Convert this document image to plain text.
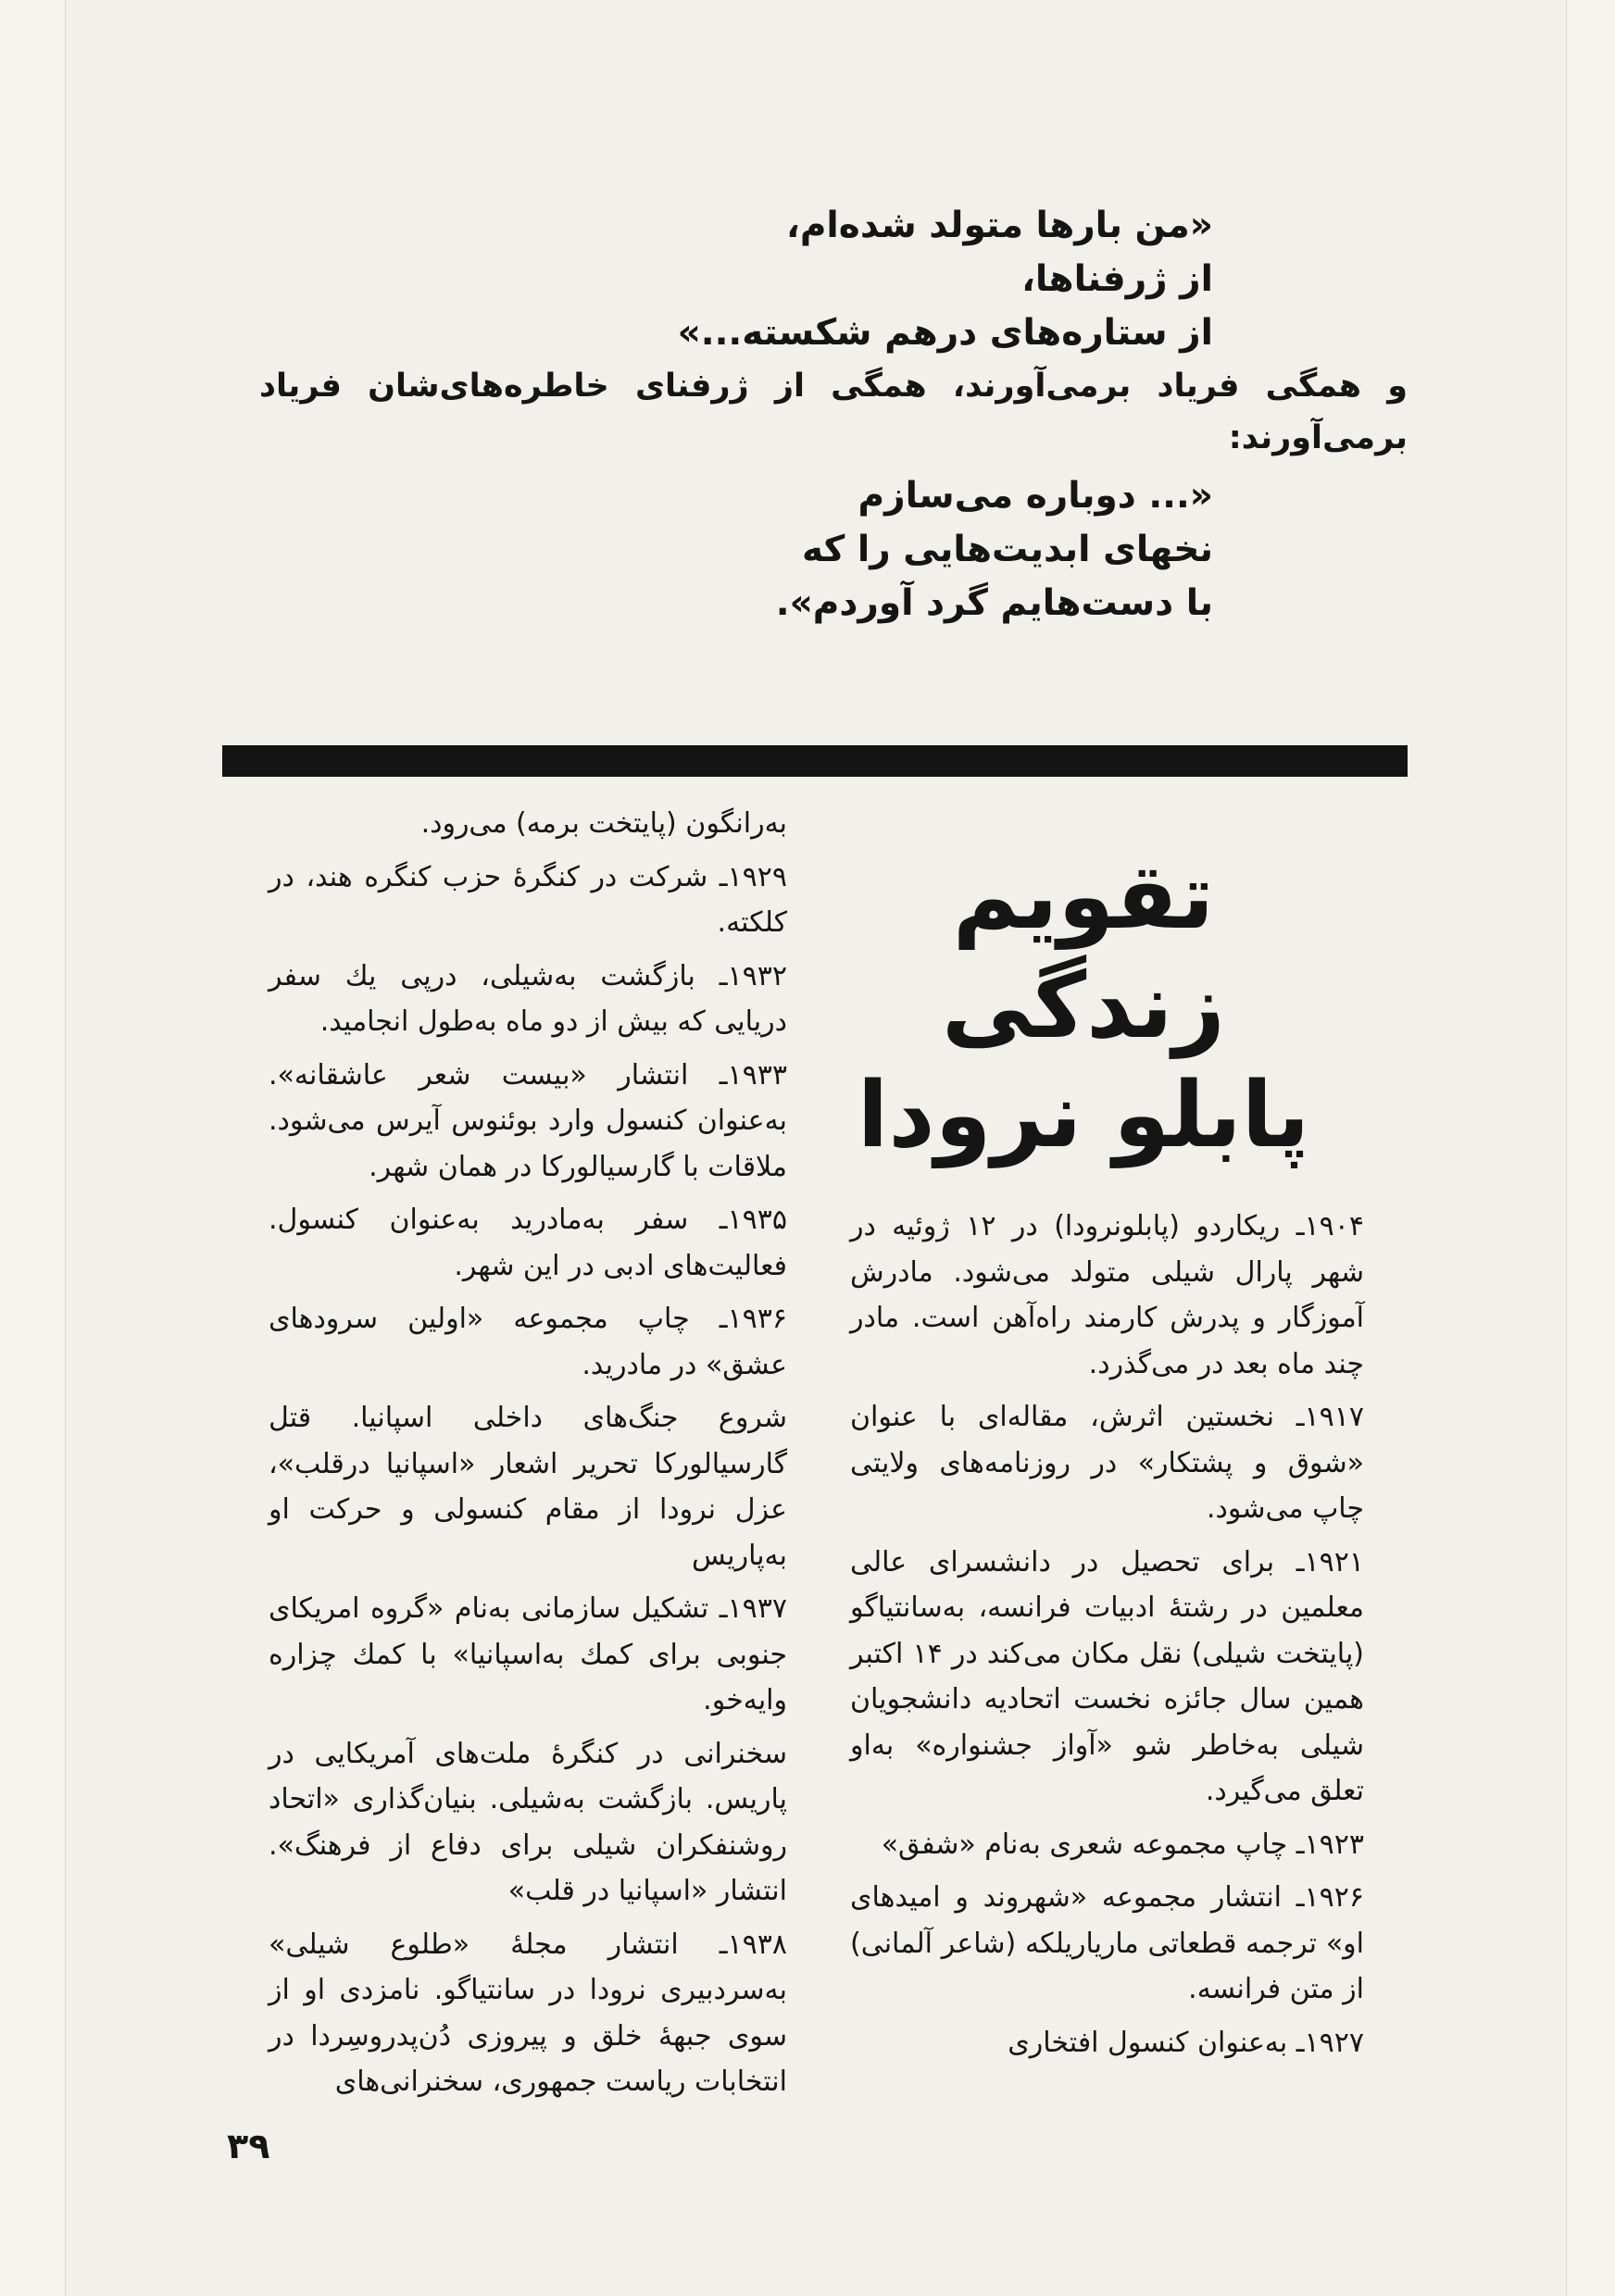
«من بارها متولد شده‌ام،
از ژرفناها،
از ستاره‌های درهم شکسته...»
و همگی فریاد برمی‌آورند، همگی از ژرفنای خاطره‌های‌شان فریاد برمی‌آورند:
«... دوباره می‌سازم
نخهای ابدیت‌هایی را که
با دست‌هایم گرد آوردم».
تقویم زندگی
پابلو نرودا

۱۹۰۴ـ ریکاردو (پابلونرودا) در ۱۲ ژوئیه در شهر پارال شیلی متولد می‌شود. مادرش آموزگار و پدرش کارمند راه‌آهن است. مادر چند ماه بعد در می‌گذرد.

۱۹۱۷ـ نخستین اثرش، مقاله‌ای با عنوان «شوق و پشتکار» در روزنامه‌های ولایتی چاپ می‌شود.

۱۹۲۱ـ برای تحصیل در دانشسرای عالی معلمین در رشتهٔ ادبیات فرانسه، به‌سانتیاگو (پایتخت شیلی) نقل مکان می‌کند در ۱۴ اکتبر همین سال جائزه نخست اتحادیه دانشجویان شیلی به‌خاطر شو «آواز جشنواره» به‌او تعلق می‌گیرد.

۱۹۲۳ـ چاپ مجموعه شعری به‌نام «شفق»

۱۹۲۶ـ انتشار مجموعه «شهروند و امیدهای او» ترجمه قطعاتی ماریاریلکه (شاعر آلمانی) از متن فرانسه.

۱۹۲۷ـ به‌عنوان کنسول افتخاری

به‌رانگون (پایتخت برمه) می‌رود.

۱۹۲۹ـ شرکت در کنگرهٔ حزب کنگره هند، در کلکته.

۱۹۳۲ـ بازگشت به‌شیلی، درپی یك سفر دریایی که بیش از دو ماه به‌طول انجامید.

۱۹۳۳ـ انتشار «بیست شعر عاشقانه». به‌عنوان کنسول وارد بوئنوس آیرس می‌شود. ملاقات با گارسیالورکا در همان شهر.

۱۹۳۵ـ سفر به‌مادرید به‌عنوان کنسول. فعالیت‌های ادبی در این شهر.

۱۹۳۶ـ چاپ مجموعه «اولین سرودهای عشق» در مادرید.

شروع جنگ‌های داخلی اسپانیا. قتل گارسیالورکا تحریر اشعار «اسپانیا درقلب»، عزل نرودا از مقام کنسولی و حرکت او به‌پاریس

۱۹۳۷ـ تشکیل سازمانی به‌نام «گروه امریکای جنوبی برای کمك به‌اسپانیا» با کمك چزاره وایه‌خو.

سخنرانی در کنگرهٔ ملت‌های آمریکایی در پاریس. بازگشت به‌شیلی. بنیان‌گذاری «اتحاد روشنفکران شیلی برای دفاع از فرهنگ». انتشار «اسپانیا در قلب»

۱۹۳۸ـ انتشار مجلهٔ «طلوع شیلی» به‌سردبیری نرودا در سانتیاگو. نامزدی او از سوی جبههٔ خلق و پیروزی دُن‌پدروسِردا در انتخابات ریاست جمهوری، سخنرانی‌های

۳۹
